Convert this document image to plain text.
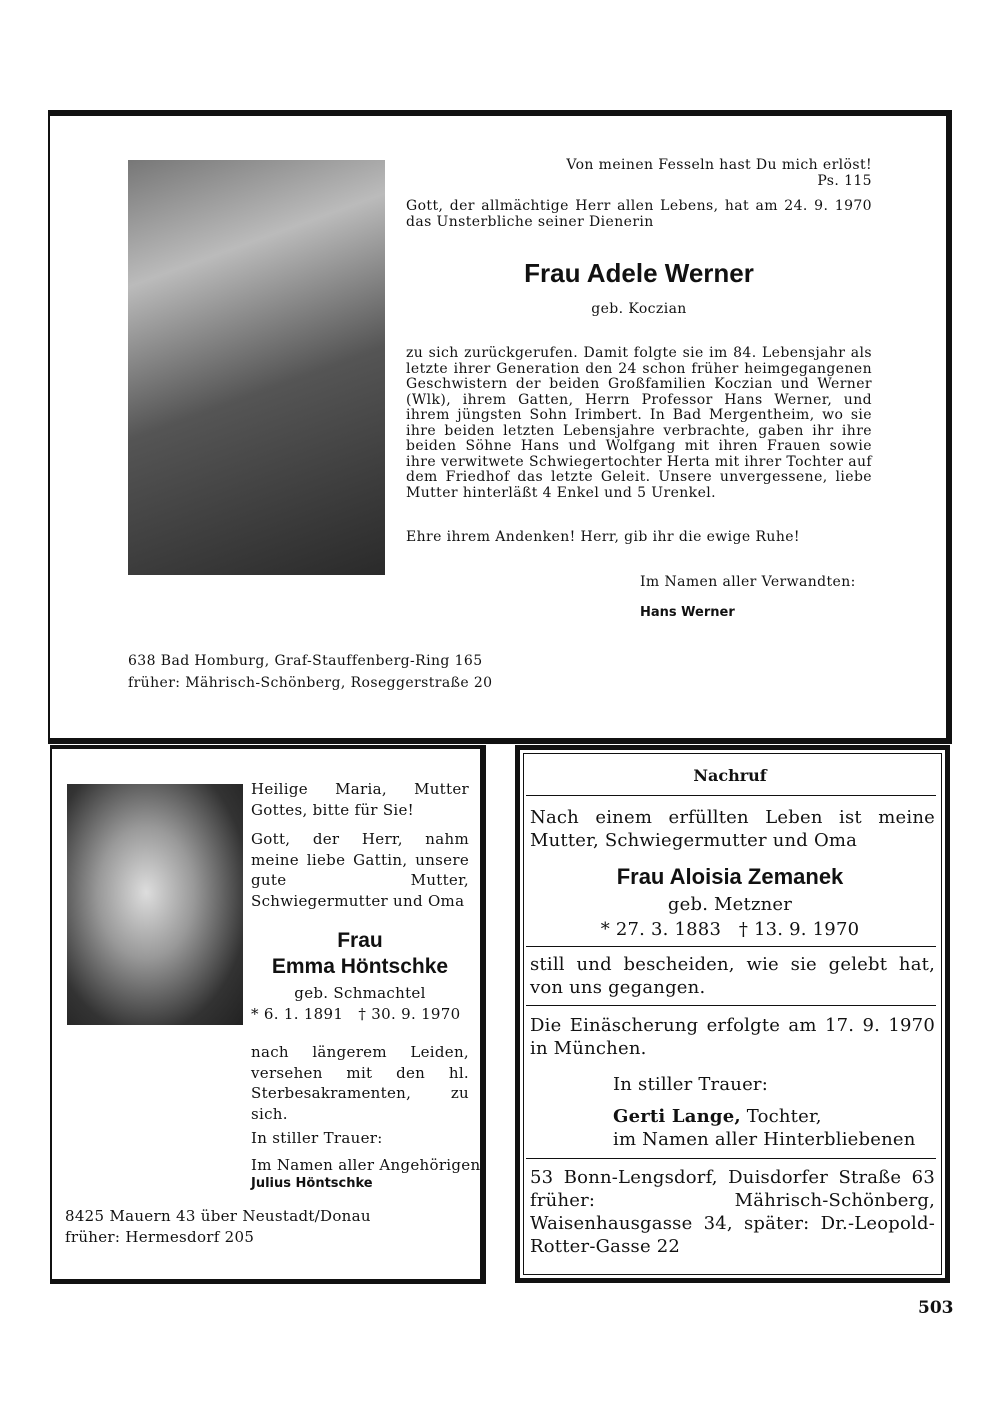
Von meinen Fesseln hast Du mich erlöst!

Ps. 115

Gott, der allmächtige Herr allen Lebens, hat am 24. 9. 1970 das Unsterbliche seiner Dienerin

Frau Adele Werner

geb. Koczian

zu sich zurückgerufen. Damit folgte sie im 84. Lebensjahr als letzte ihrer Generation den 24 schon früher heimgegangenen Geschwistern der beiden Großfamilien Koczian und Werner (Wlk), ihrem Gatten, Herrn Professor Hans Werner, und ihrem jüngsten Sohn Irimbert. In Bad Mergentheim, wo sie ihre beiden letzten Lebensjahre verbrachte, gaben ihr ihre beiden Söhne Hans und Wolfgang mit ihren Frauen sowie ihre verwitwete Schwiegertochter Herta mit ihrer Tochter auf dem Friedhof das letzte Geleit. Unsere unvergessene, liebe Mutter hinterläßt 4 Enkel und 5 Urenkel.

Ehre ihrem Andenken! Herr, gib ihr die ewige Ruhe!

Im Namen aller Verwandten:

Hans Werner

638 Bad Homburg, Graf-Stauffenberg-Ring 165

früher: Mährisch-Schönberg, Roseggerstraße 20

Heilige Maria, Mutter Gottes, bitte für Sie!

Gott, der Herr, nahm meine liebe Gattin, unsere gute Mutter, Schwiegermutter und Oma

Frau

Emma Höntschke

geb. Schmachtel

* 6. 1. 1891   † 30. 9. 1970

nach längerem Leiden, versehen mit den hl. Sterbesakramenten, zu sich.

In stiller Trauer:

Im Namen aller Angehörigen

Julius Höntschke

8425 Mauern 43 über Neustadt/Donau

früher: Hermesdorf 205

Nachruf

Nach einem erfüllten Leben ist meine Mutter, Schwiegermutter und Oma

Frau Aloisia Zemanek

geb. Metzner

* 27. 3. 1883   † 13. 9. 1970

still und bescheiden, wie sie gelebt hat, von uns gegangen.

Die Einäscherung erfolgte am 17. 9. 1970 in München.

In stiller Trauer:

Gerti Lange, Tochter,

im Namen aller Hinterbliebenen

53 Bonn-Lengsdorf, Duisdorfer Straße 63 früher: Mährisch-Schönberg, Waisenhausgasse 34, später: Dr.-Leopold-Rotter-Gasse 22

503
